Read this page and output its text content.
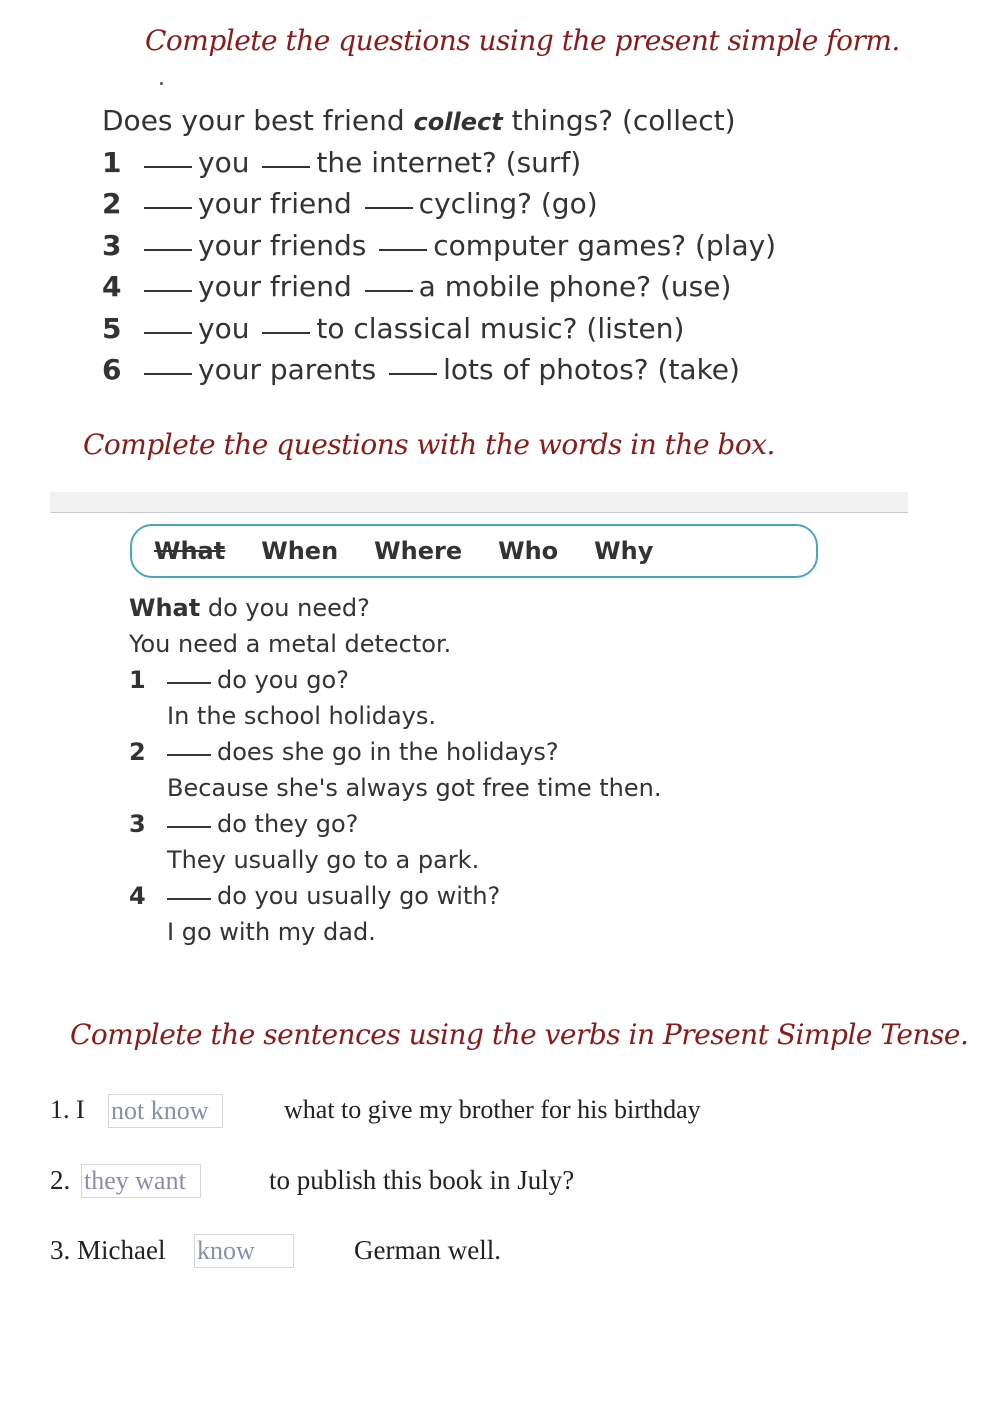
Complete the questions using the present simple form.
Does your best friend collect things? (collect)
1	you the internet? (surf)
2	your friend cycling? (go)
3	your friends computer games? (play)
4	your friend a mobile phone? (use)
5	you to classical music? (listen)
6	your parents lots of photos? (take)
Complete the questions with the words in the box.
What When Where Who Why
What do you need?
You need a metal detector.
1	do you go?
In the school holidays.
2	does she go in the holidays?
Because she's always got free time then.
3	do they go?
They usually go to a park.
4	do you usually go with?
I go with my dad.
Complete the sentences using the verbs in Present Simple Tense.
1. I not know	what to give my brother for his birthday
2. they want	to publish this book in July?
3. Michael know	German well.
